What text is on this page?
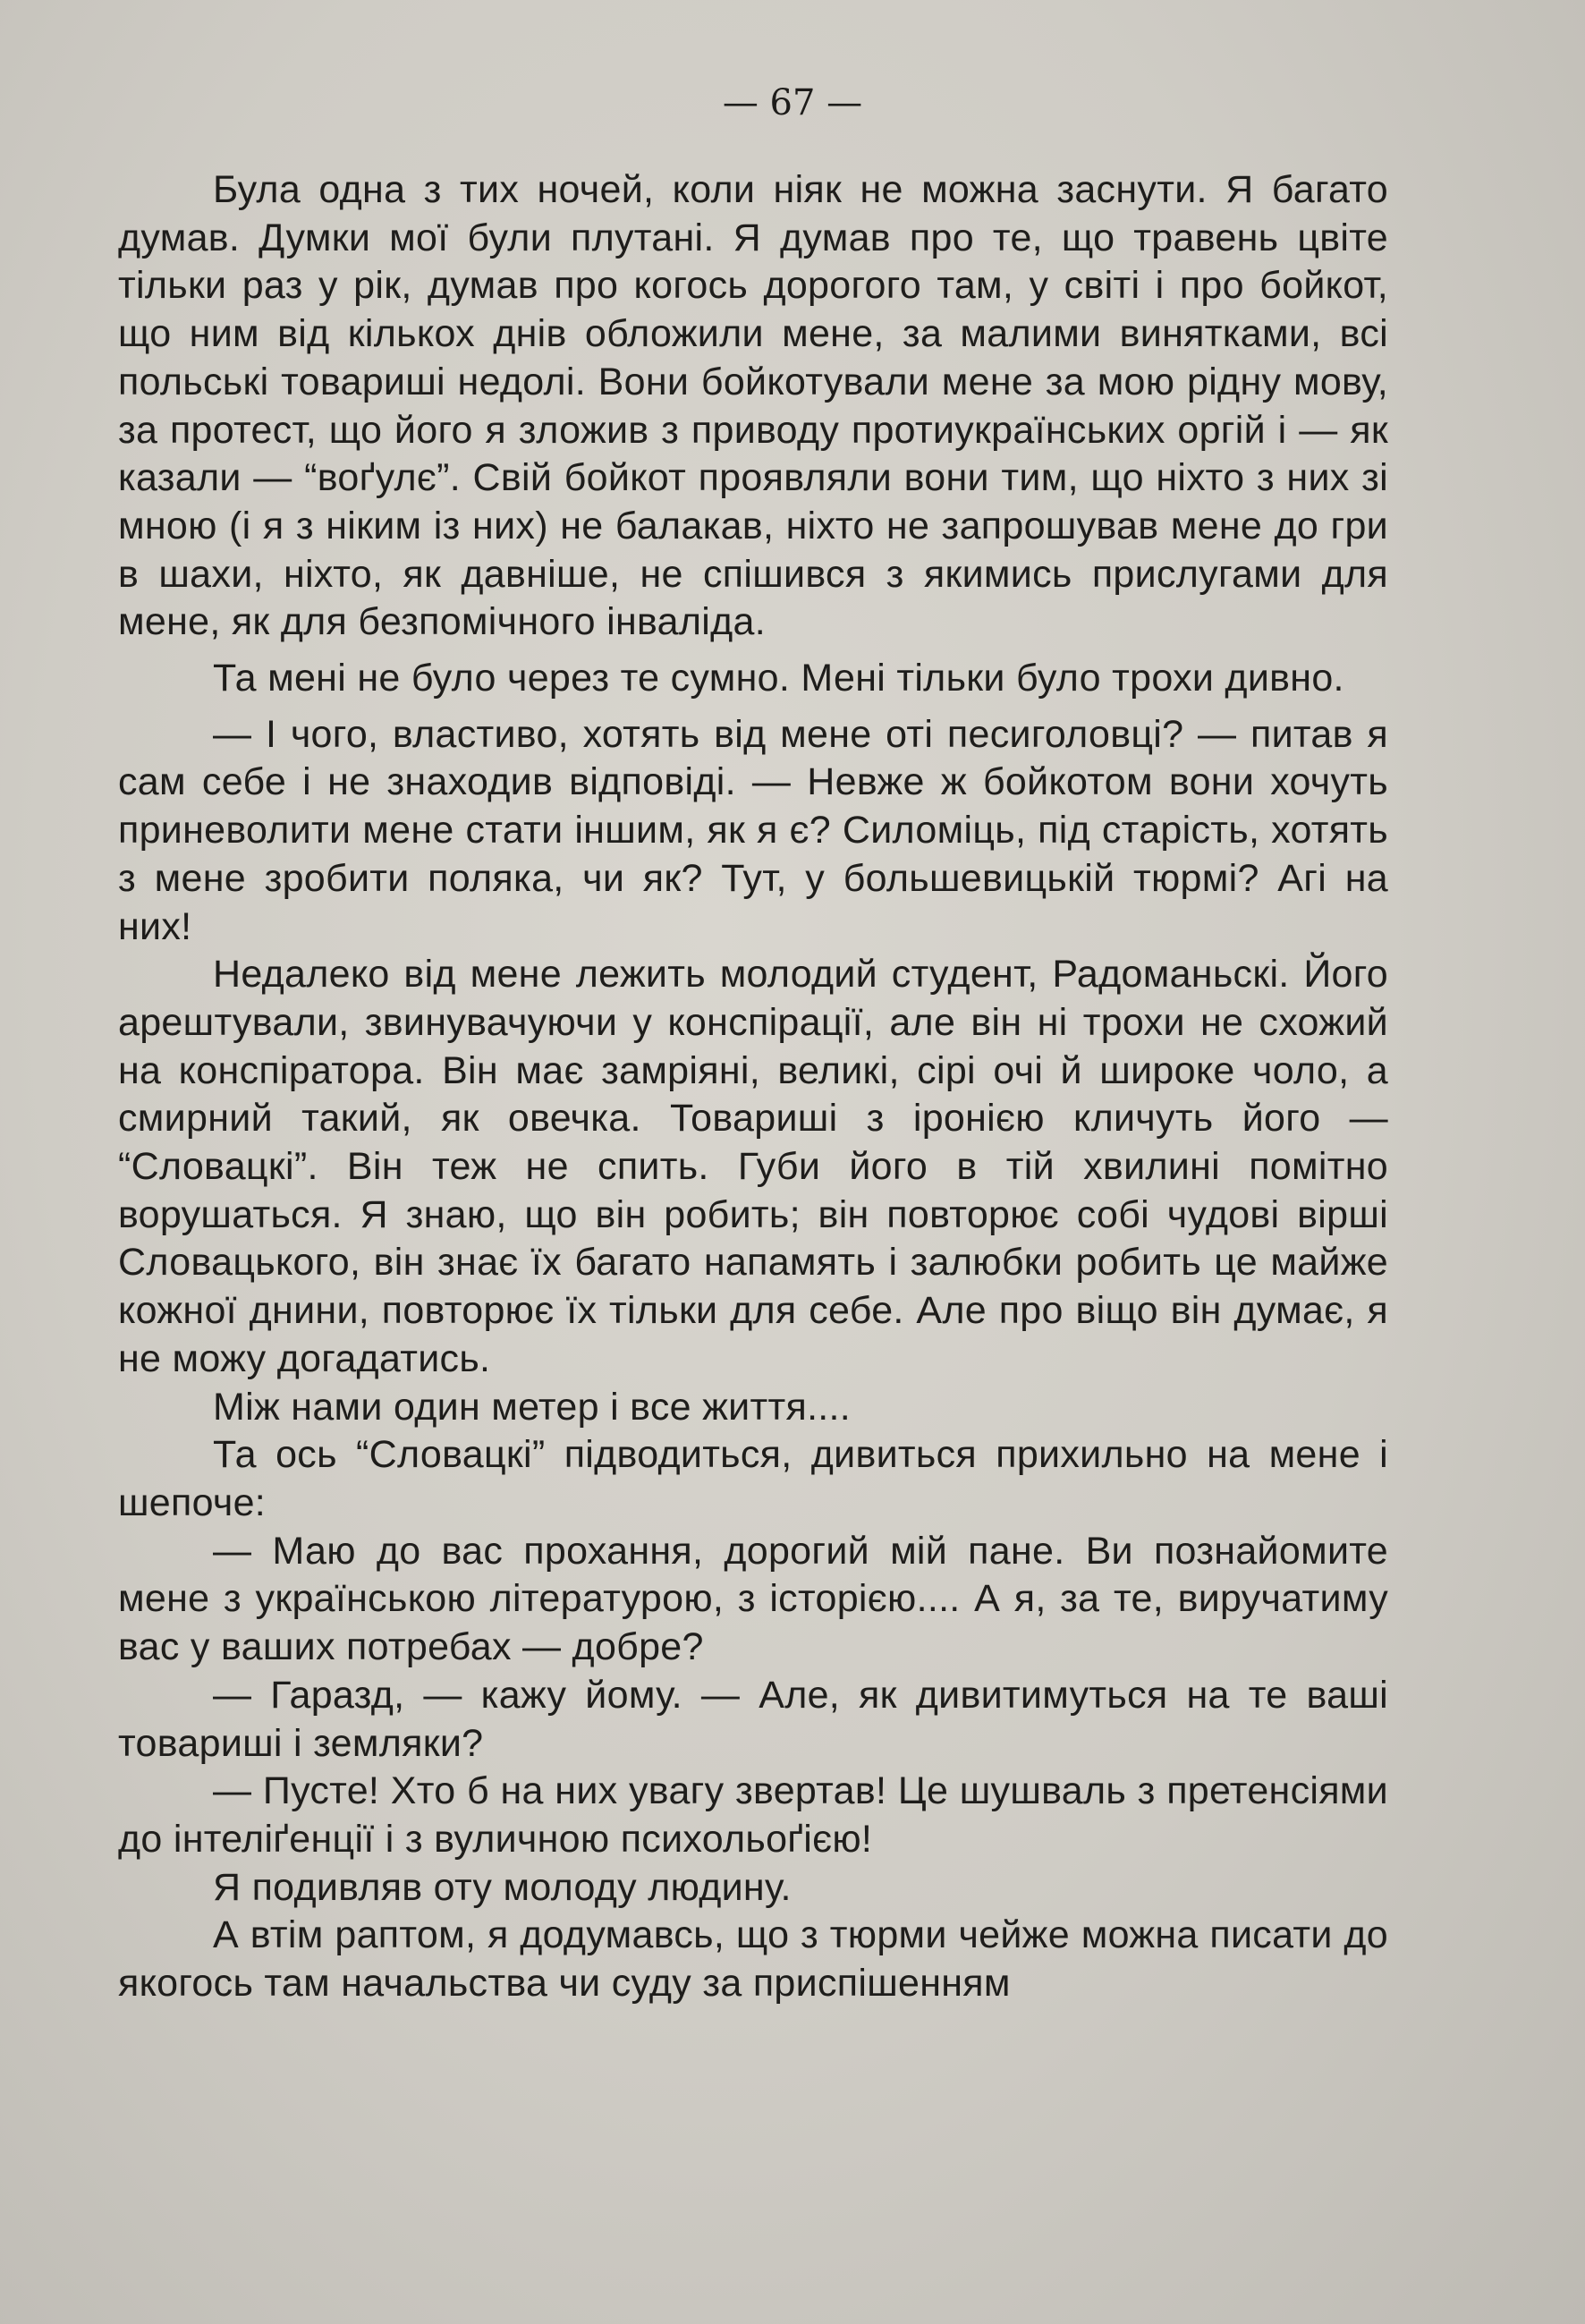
— 67 —

Була одна з тих ночей, коли ніяк не можна заснути. Я багато думав. Думки мої були плутані. Я думав про те, що травень цвіте тільки раз у рік, думав про когось дорогого там, у світі і про бойкот, що ним від кількох днів обложили мене, за малими винятками, всі польські товариші недолі. Вони бойкотували мене за мою рідну мову, за протест, що його я зложив з приводу протиукраїнських оргій і — як казали — “воґулє”. Свій бойкот проявляли вони тим, що ніхто з них зі мною (і я з ніким із них) не балакав, ніхто не запрошував мене до гри в шахи, ніхто, як давніше, не спішився з якимись прислугами для мене, як для безпомічного інваліда.

Та мені не було через те сумно. Мені тільки було трохи дивно.

— І чого, властиво, хотять від мене оті песиголовці? — питав я сам себе і не знаходив відповіді. — Невже ж бойкотом вони хочуть приневолити мене стати іншим, як я є? Силоміць, під старість, хотять з мене зробити поляка, чи як? Тут, у большевицькій тюрмі? Агі на них!

Недалеко від мене лежить молодий студент, Радоманьскі. Його арештували, звинувачуючи у конспірації, але він ні трохи не схожий на конспіратора. Він має замріяні, великі, сірі очі й широке чоло, а смирний такий, як овечка. Товариші з іронією кличуть його — “Словацкі”. Він теж не спить. Губи його в тій хвилині помітно ворушаться. Я знаю, що він робить; він повторює собі чудові вірші Словацького, він знає їх багато напамять і залюбки робить це майже кожної днини, повторює їх тільки для себе. Але про віщо він думає, я не можу догадатись.

Між нами один метер і все життя....

Та ось “Словацкі” підводиться, дивиться прихильно на мене і шепоче:

— Маю до вас прохання, дорогий мій пане. Ви познайомите мене з українською літературою, з історією.... А я, за те, виручатиму вас у ваших потребах — добре?

— Гаразд, — кажу йому. — Але, як дивитимуться на те ваші товариші і земляки?

— Пусте! Хто б на них увагу звертав! Це шушваль з претенсіями до інтеліґенції і з вуличною психольоґією!

Я подивляв оту молоду людину.

А втім раптом, я додумавсь, що з тюрми чейже можна писати до якогось там начальства чи суду за приспішенням
